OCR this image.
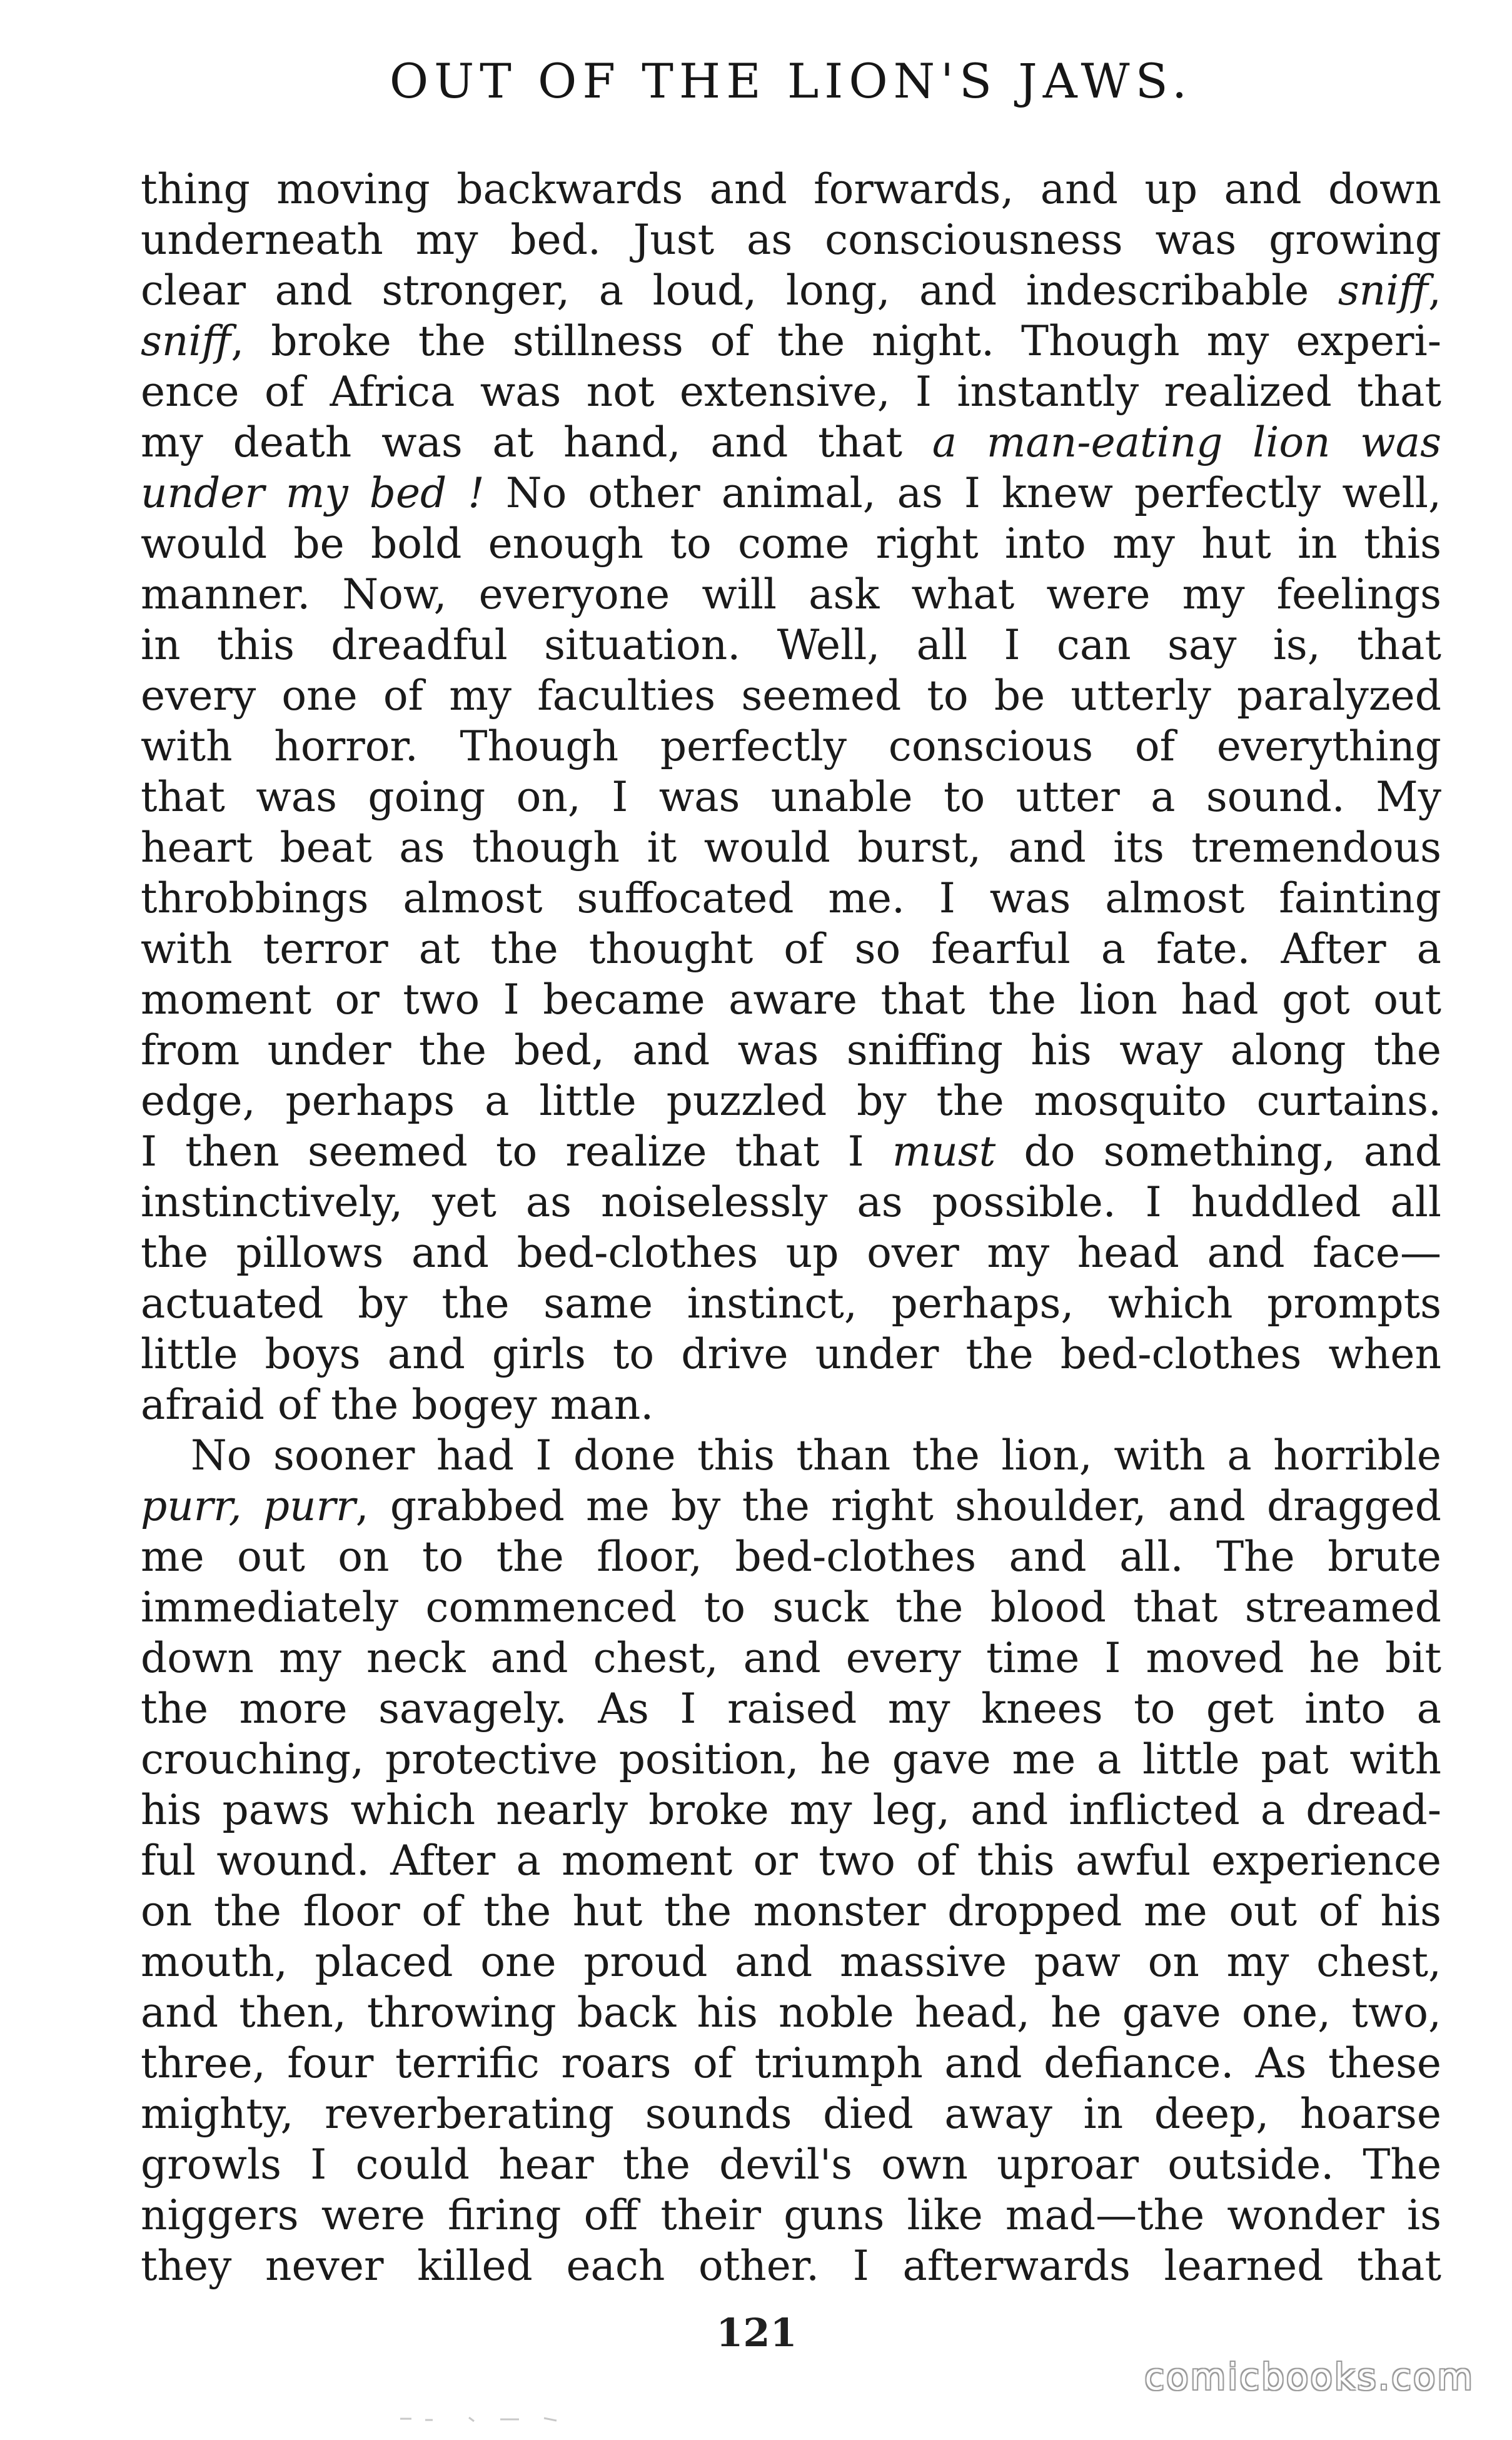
OUT OF THE LION'S JAWS.
thing moving backwards and forwards, and up and down
underneath my bed. Just as consciousness was growing
clear and stronger, a loud, long, and indescribable sniff,
sniff, broke the stillness of the night. Though my experi-
ence of Africa was not extensive, I instantly realized that
my death was at hand, and that a man-eating lion was
under my bed ! No other animal, as I knew perfectly well,
would be bold enough to come right into my hut in this
manner. Now, everyone will ask what were my feelings
in this dreadful situation. Well, all I can say is, that
every one of my faculties seemed to be utterly paralyzed
with horror. Though perfectly conscious of everything
that was going on, I was unable to utter a sound. My
heart beat as though it would burst, and its tremendous
throbbings almost suffocated me. I was almost fainting
with terror at the thought of so fearful a fate. After a
moment or two I became aware that the lion had got out
from under the bed, and was sniffing his way along the
edge, perhaps a little puzzled by the mosquito curtains.
I then seemed to realize that I must do something, and
instinctively, yet as noiselessly as possible. I huddled all
the pillows and bed-clothes up over my head and face—
actuated by the same instinct, perhaps, which prompts
little boys and girls to drive under the bed-clothes when
afraid of the bogey man.
No sooner had I done this than the lion, with a horrible
purr, purr, grabbed me by the right shoulder, and dragged
me out on to the floor, bed-clothes and all. The brute
immediately commenced to suck the blood that streamed
down my neck and chest, and every time I moved he bit
the more savagely. As I raised my knees to get into a
crouching, protective position, he gave me a little pat with
his paws which nearly broke my leg, and inflicted a dread-
ful wound. After a moment or two of this awful experience
on the floor of the hut the monster dropped me out of his
mouth, placed one proud and massive paw on my chest,
and then, throwing back his noble head, he gave one, two,
three, four terrific roars of triumph and defiance. As these
mighty, reverberating sounds died away in deep, hoarse
growls I could hear the devil's own uproar outside. The
niggers were firing off their guns like mad—the wonder is
they never killed each other. I afterwards learned that
121
comicbooks.com
